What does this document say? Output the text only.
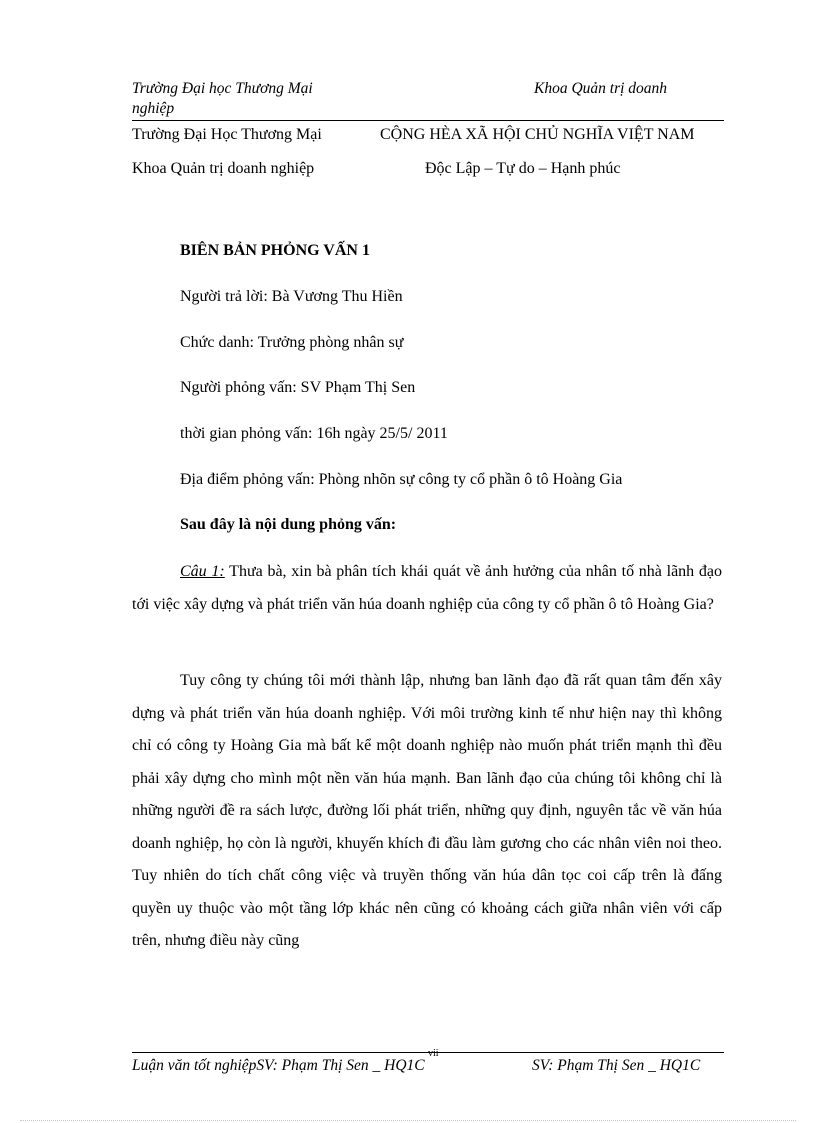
Trường Đại học Thương Mại	Khoa Quản trị doanh
nghiệp
Trường Đại Học Thương Mại	CỘNG HÈA XÃ HỘI CHỦ NGHĨA VIỆT NAM
Khoa Quản trị doanh nghiệp	Độc Lập – Tự do – Hạnh phúc
BIÊN BẢN PHỎNG VẤN 1
Người trả lời: Bà Vương Thu Hiền
Chức danh: Trưởng phòng nhân sự
Người phỏng vấn: SV Phạm Thị Sen
thời gian phỏng vấn: 16h ngày 25/5/ 2011
Địa điểm phỏng vấn: Phòng nhõn sự công ty cổ phần ô tô Hoàng Gia
Sau đây là nội dung phỏng vấn:
Câu 1: Thưa bà, xin bà phân tích khái quát về ảnh hưởng của nhân tố nhà lãnh đạo tới việc xây dựng và phát triển văn húa doanh nghiệp của công ty cổ phần ô tô Hoàng Gia?
Tuy công ty chúng tôi mới thành lập, nhưng ban lãnh đạo đã rất quan tâm đến xây dựng và phát triển văn húa doanh nghiệp. Với môi trường kinh tế như hiện nay thì không chỉ có công ty Hoàng Gia mà bất kể một doanh nghiệp nào muốn phát triển mạnh thì đều phải xây dựng cho mình một nền văn húa mạnh. Ban lãnh đạo của chúng tôi không chỉ là những người đề ra sách lược, đường lối phát triển, những quy định, nguyên tắc về văn húa doanh nghiệp, họ còn là người, khuyến khích đi đầu làm gương cho các nhân viên noi theo. Tuy nhiên do tích chất công việc và truyền thống văn húa dân tọc coi cấp trên là đấng quyền uy thuộc vào một tầng lớp khác nên cũng có khoảng cách giữa nhân viên với cấp trên, nhưng điều này cũng
Luận văn tốt nghiệpSV: Phạm Thị Sen _ HQ1C	SV: Phạm Thị Sen _ HQ1C
vii
